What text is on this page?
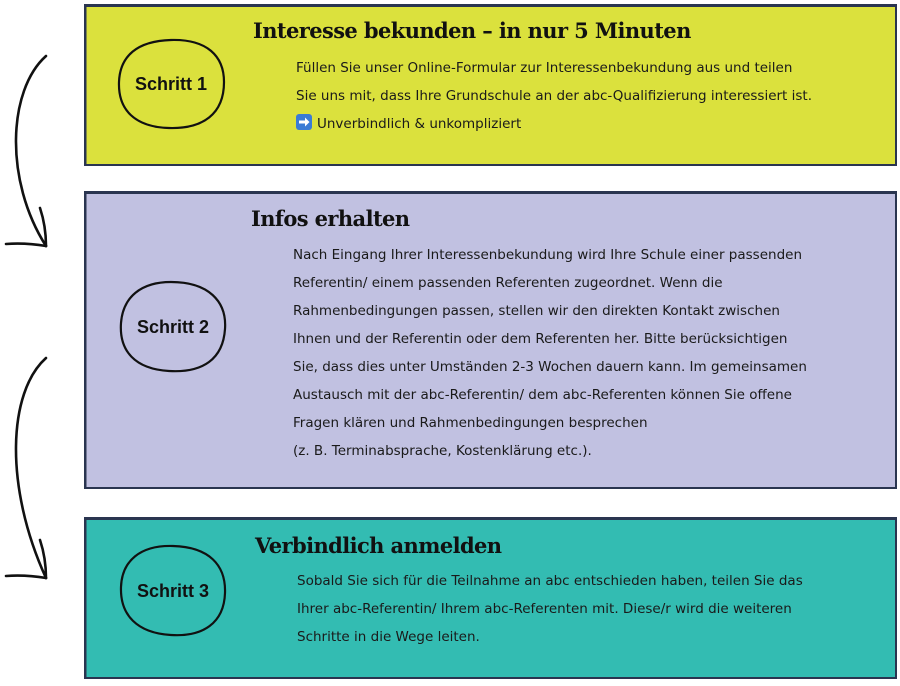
Schritt 1
Interesse bekunden – in nur 5 Minuten
Füllen Sie unser Online-Formular zur Interessenbekundung aus und teilen
Sie uns mit, dass Ihre Grundschule an der abc-Qualifizierung interessiert ist.
Unverbindlich & unkompliziert
Schritt 2
Infos erhalten
Nach Eingang Ihrer Interessenbekundung wird Ihre Schule einer passenden
Referentin/ einem passenden Referenten zugeordnet. Wenn die
Rahmenbedingungen passen, stellen wir den direkten Kontakt zwischen
Ihnen und der Referentin oder dem Referenten her. Bitte berücksichtigen
Sie, dass dies unter Umständen 2-3 Wochen dauern kann. Im gemeinsamen
Austausch mit der abc-Referentin/ dem abc-Referenten können Sie offene
Fragen klären und Rahmenbedingungen besprechen
(z. B. Terminabsprache, Kostenklärung etc.).
Schritt 3
Verbindlich anmelden
Sobald Sie sich für die Teilnahme an abc entschieden haben, teilen Sie das
Ihrer abc-Referentin/ Ihrem abc-Referenten mit. Diese/r wird die weiteren
Schritte in die Wege leiten.
